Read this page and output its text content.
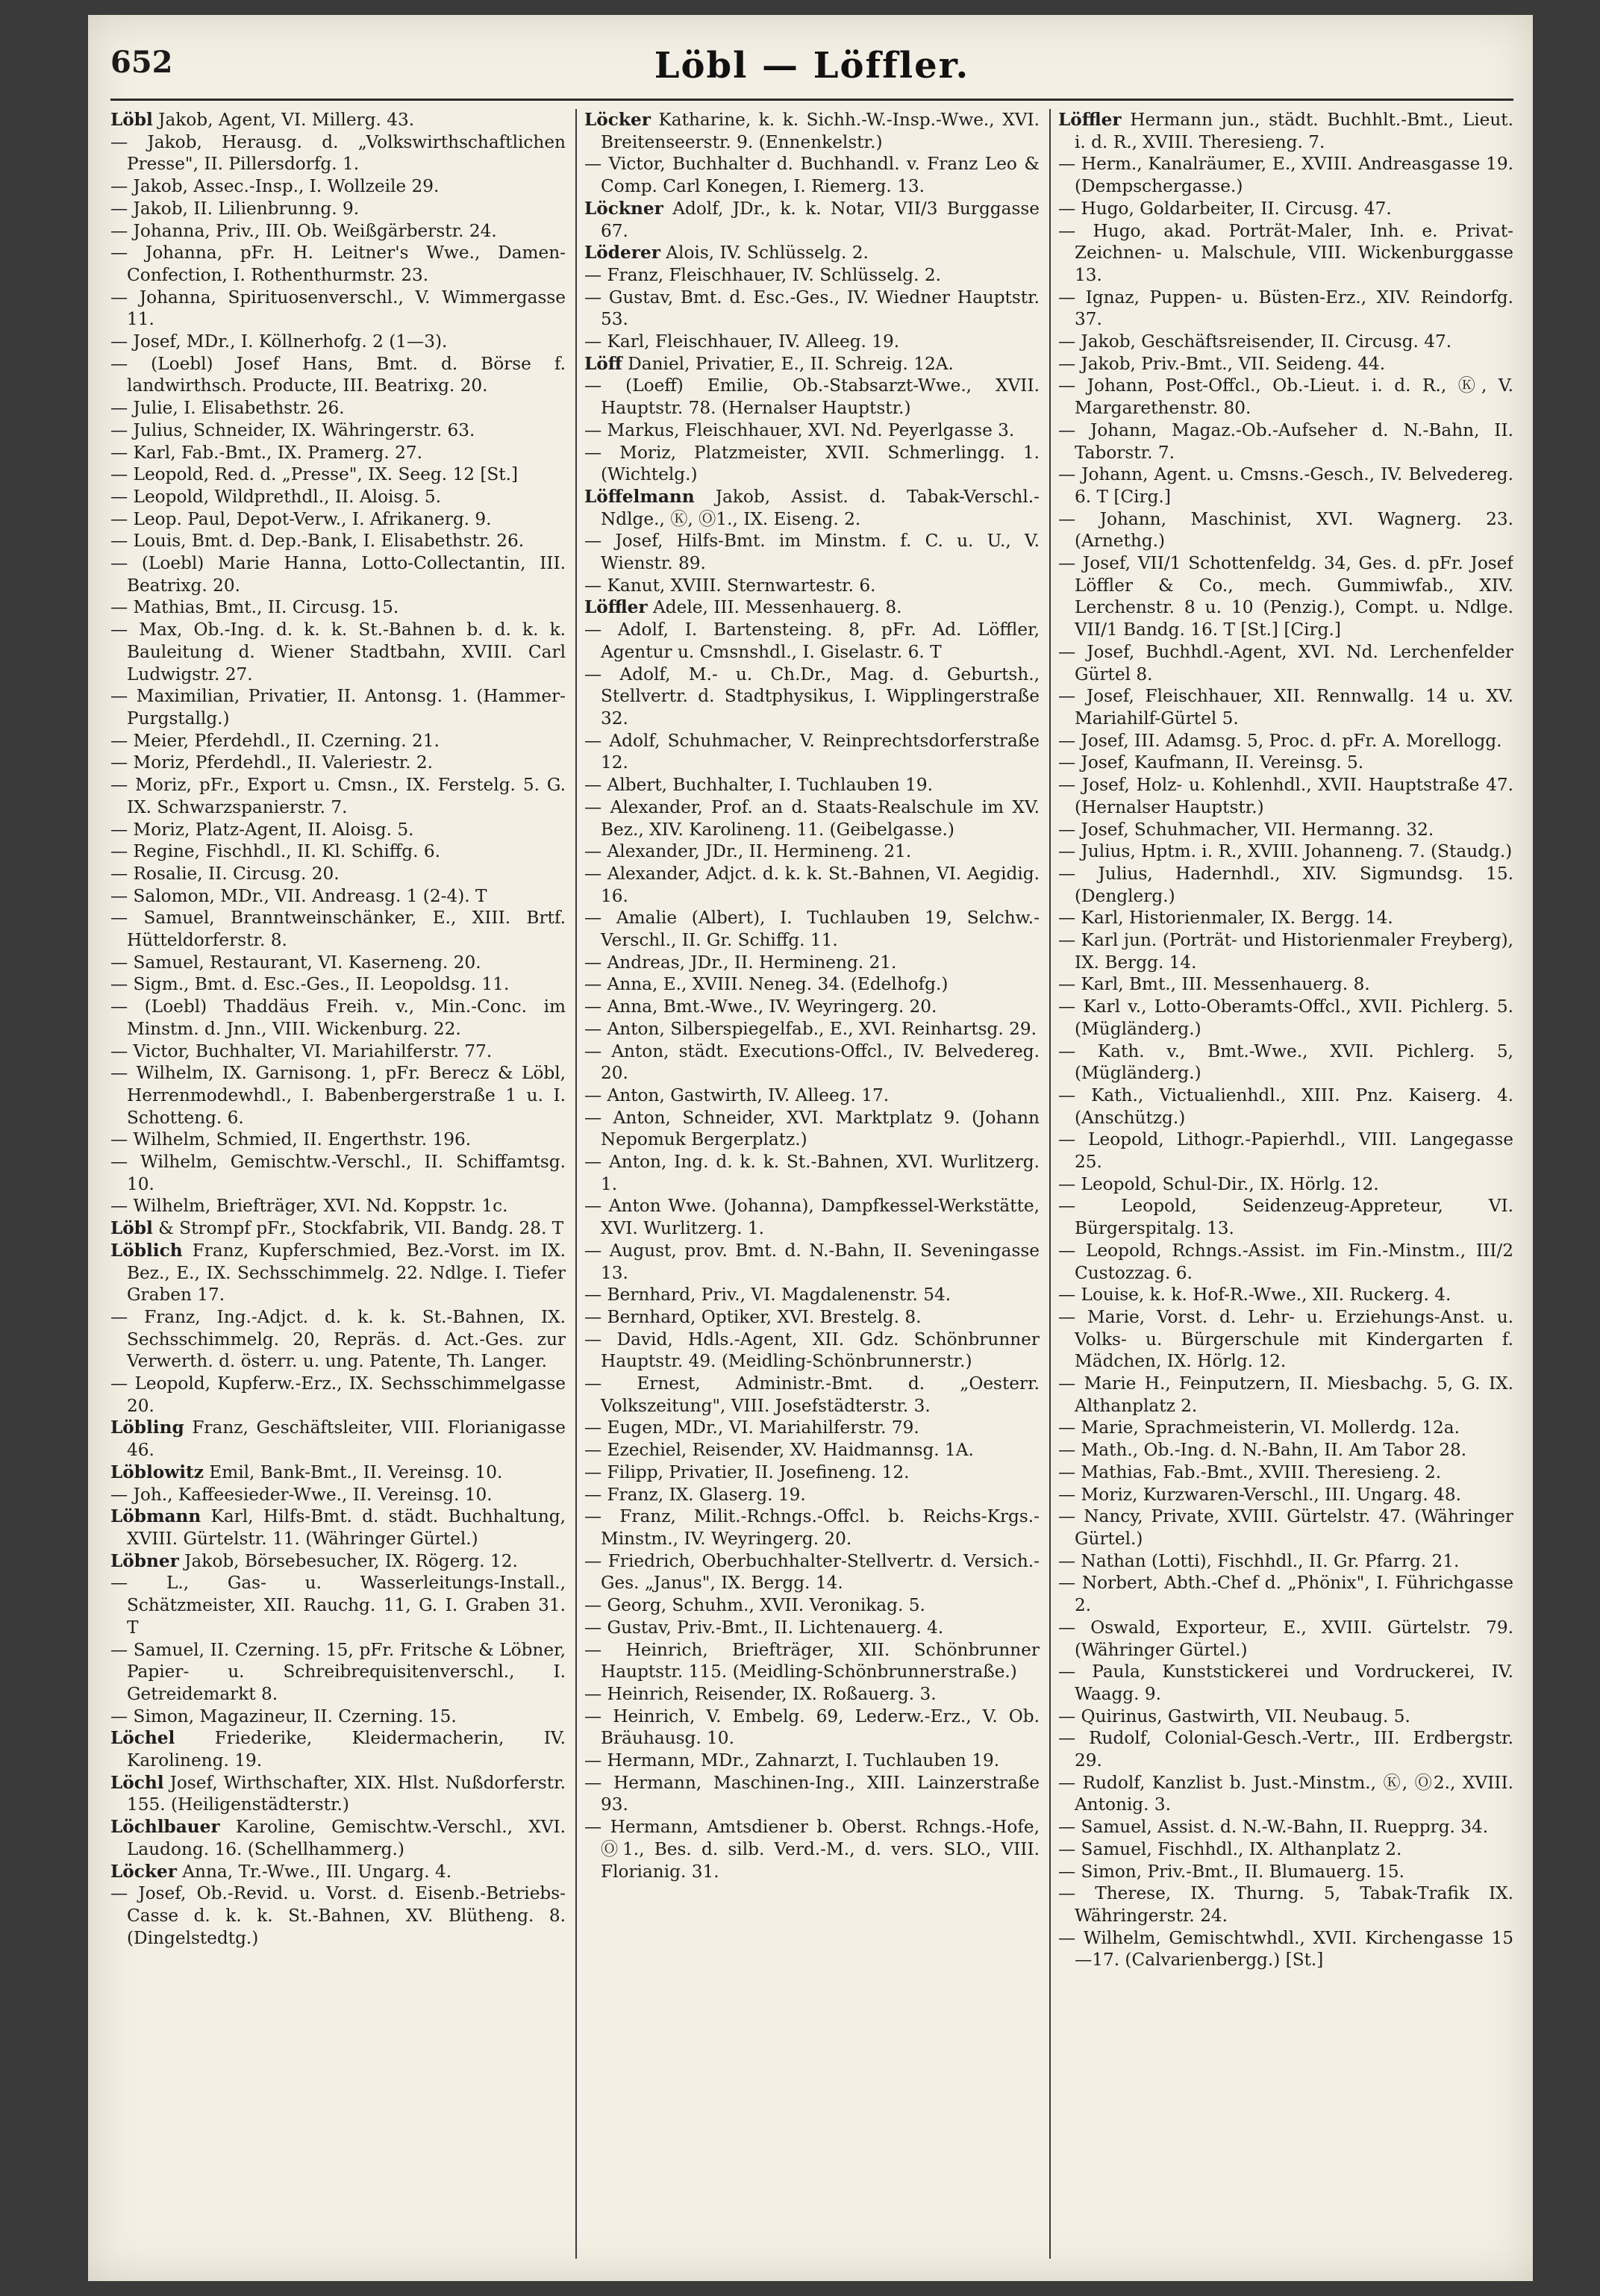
652	Löbl — Löffler.
Löbl Jakob, Agent, VI. Millerg. 43.
— Jakob, Herausg. d. „Volkswirthschaftlichen Presse", II. Pillersdorfg. 1.
— Jakob, Assec.-Insp., I. Wollzeile 29.
— Jakob, II. Lilienbrunng. 9.
— Johanna, Priv., III. Ob. Weißgärberstr. 24.
— Johanna, pFr. H. Leitner's Wwe., Damen-Confection, I. Rothenthurmstr. 23.
— Johanna, Spirituosenverschl., V. Wimmergasse 11.
— Josef, MDr., I. Köllnerhofg. 2 (1—3).
— (Loebl) Josef Hans, Bmt. d. Börse f. landwirthsch. Producte, III. Beatrixg. 20.
— Julie, I. Elisabethstr. 26.
— Julius, Schneider, IX. Währingerstr. 63.
— Karl, Fab.-Bmt., IX. Pramerg. 27.
— Leopold, Red. d. „Presse", IX. Seeg. 12 [St.]
— Leopold, Wildprethdl., II. Aloisg. 5.
— Leop. Paul, Depot-Verw., I. Afrikanerg. 9.
— Louis, Bmt. d. Dep.-Bank, I. Elisabethstr. 26.
— (Loebl) Marie Hanna, Lotto-Collectantin, III. Beatrixg. 20.
— Mathias, Bmt., II. Circusg. 15.
— Max, Ob.-Ing. d. k. k. St.-Bahnen b. d. k. k. Bauleitung d. Wiener Stadtbahn, XVIII. Carl Ludwigstr. 27.
— Maximilian, Privatier, II. Antonsg. 1. (Hammer-Purgstallg.)
— Meier, Pferdehdl., II. Czerning. 21.
— Moriz, Pferdehdl., II. Valeriestr. 2.
— Moriz, pFr., Export u. Cmsn., IX. Ferstelg. 5. G. IX. Schwarzspanierstr. 7.
— Moriz, Platz-Agent, II. Aloisg. 5.
— Regine, Fischhdl., II. Kl. Schiffg. 6.
— Rosalie, II. Circusg. 20.
— Salomon, MDr., VII. Andreasg. 1 (2-4). T
— Samuel, Branntweinschänker, E., XIII. Brtf. Hütteldorferstr. 8.
— Samuel, Restaurant, VI. Kaserneng. 20.
— Sigm., Bmt. d. Esc.-Ges., II. Leopoldsg. 11.
— (Loebl) Thaddäus Freih. v., Min.-Conc. im Minstm. d. Jnn., VIII. Wickenburg. 22.
— Victor, Buchhalter, VI. Mariahilferstr. 77.
— Wilhelm, IX. Garnisong. 1, pFr. Berecz & Löbl, Herrenmodewhdl., I. Babenbergerstraße 1 u. I. Schotteng. 6.
— Wilhelm, Schmied, II. Engerthstr. 196.
— Wilhelm, Gemischtw.-Verschl., II. Schiffamtsg. 10.
— Wilhelm, Briefträger, XVI. Nd. Koppstr. 1c.
Löbl & Strompf pFr., Stockfabrik, VII. Bandg. 28. T
Löblich Franz, Kupferschmied, Bez.-Vorst. im IX. Bez., E., IX. Sechsschimmelg. 22. Ndlge. I. Tiefer Graben 17.
— Franz, Ing.-Adjct. d. k. k. St.-Bahnen, IX. Sechsschimmelg. 20, Repräs. d. Act.-Ges. zur Verwerth. d. österr. u. ung. Patente, Th. Langer.
— Leopold, Kupferw.-Erz., IX. Sechsschimmelgasse 20.
Löbling Franz, Geschäftsleiter, VIII. Florianigasse 46.
Löblowitz Emil, Bank-Bmt., II. Vereinsg. 10.
— Joh., Kaffeesieder-Wwe., II. Vereinsg. 10.
Löbmann Karl, Hilfs-Bmt. d. städt. Buchhaltung, XVIII. Gürtelstr. 11. (Währinger Gürtel.)
Löbner Jakob, Börsebesucher, IX. Rögerg. 12.
— L., Gas- u. Wasserleitungs-Install., Schätzmeister, XII. Rauchg. 11, G. I. Graben 31. T
— Samuel, II. Czerning. 15, pFr. Fritsche & Löbner, Papier- u. Schreibrequisitenverschl., I. Getreidemarkt 8.
— Simon, Magazineur, II. Czerning. 15.
Löchel Friederike, Kleidermacherin, IV. Karolineng. 19.
Löchl Josef, Wirthschafter, XIX. Hlst. Nußdorferstr. 155. (Heiligenstädterstr.)
Löchlbauer Karoline, Gemischtw.-Verschl., XVI. Laudong. 16. (Schellhammerg.)
Löcker Anna, Tr.-Wwe., III. Ungarg. 4.
— Josef, Ob.-Revid. u. Vorst. d. Eisenb.-Betriebs-Casse d. k. k. St.-Bahnen, XV. Blütheng. 8. (Dingelstedtg.)
Löcker Katharine, k. k. Sichh.-W.-Insp.-Wwe., XVI. Breitenseerstr. 9. (Ennenkelstr.)
— Victor, Buchhalter d. Buchhandl. v. Franz Leo & Comp. Carl Konegen, I. Riemerg. 13.
Löckner Adolf, JDr., k. k. Notar, VII/3 Burggasse 67.
Löderer Alois, IV. Schlüsselg. 2.
— Franz, Fleischhauer, IV. Schlüsselg. 2.
— Gustav, Bmt. d. Esc.-Ges., IV. Wiedner Hauptstr. 53.
— Karl, Fleischhauer, IV. Alleeg. 19.
Löff Daniel, Privatier, E., II. Schreig. 12A.
— (Loeff) Emilie, Ob.-Stabsarzt-Wwe., XVII. Hauptstr. 78. (Hernalser Hauptstr.)
— Markus, Fleischhauer, XVI. Nd. Peyerlgasse 3.
— Moriz, Platzmeister, XVII. Schmerlingg. 1. (Wichtelg.)
Löffelmann Jakob, Assist. d. Tabak-Verschl.-Ndlge., Ⓚ, Ⓞ1., IX. Eiseng. 2.
— Josef, Hilfs-Bmt. im Minstm. f. C. u. U., V. Wienstr. 89.
— Kanut, XVIII. Sternwartestr. 6.
Löffler Adele, III. Messenhauerg. 8.
— Adolf, I. Bartensteing. 8, pFr. Ad. Löffler, Agentur u. Cmsnshdl., I. Giselastr. 6. T
— Adolf, M.- u. Ch.Dr., Mag. d. Geburtsh., Stellvertr. d. Stadtphysikus, I. Wipplingerstraße 32.
— Adolf, Schuhmacher, V. Reinprechtsdorferstraße 12.
— Albert, Buchhalter, I. Tuchlauben 19.
— Alexander, Prof. an d. Staats-Realschule im XV. Bez., XIV. Karolineng. 11. (Geibelgasse.)
— Alexander, JDr., II. Hermineng. 21.
— Alexander, Adjct. d. k. k. St.-Bahnen, VI. Aegidig. 16.
— Amalie (Albert), I. Tuchlauben 19, Selchw.-Verschl., II. Gr. Schiffg. 11.
— Andreas, JDr., II. Hermineng. 21.
— Anna, E., XVIII. Neneg. 34. (Edelhofg.)
— Anna, Bmt.-Wwe., IV. Weyringerg. 20.
— Anton, Silberspiegelfab., E., XVI. Reinhartsg. 29.
— Anton, städt. Executions-Offcl., IV. Belvedereg. 20.
— Anton, Gastwirth, IV. Alleeg. 17.
— Anton, Schneider, XVI. Marktplatz 9. (Johann Nepomuk Bergerplatz.)
— Anton, Ing. d. k. k. St.-Bahnen, XVI. Wurlitzerg. 1.
— Anton Wwe. (Johanna), Dampfkessel-Werkstätte, XVI. Wurlitzerg. 1.
— August, prov. Bmt. d. N.-Bahn, II. Seveningasse 13.
— Bernhard, Priv., VI. Magdalenenstr. 54.
— Bernhard, Optiker, XVI. Brestelg. 8.
— David, Hdls.-Agent, XII. Gdz. Schönbrunner Hauptstr. 49. (Meidling-Schönbrunnerstr.)
— Ernest, Administr.-Bmt. d. „Oesterr. Volkszeitung", VIII. Josefstädterstr. 3.
— Eugen, MDr., VI. Mariahilferstr. 79.
— Ezechiel, Reisender, XV. Haidmannsg. 1A.
— Filipp, Privatier, II. Josefineng. 12.
— Franz, IX. Glaserg. 19.
— Franz, Milit.-Rchngs.-Offcl. b. Reichs-Krgs.-Minstm., IV. Weyringerg. 20.
— Friedrich, Oberbuchhalter-Stellvertr. d. Versich.-Ges. „Janus", IX. Bergg. 14.
— Georg, Schuhm., XVII. Veronikag. 5.
— Gustav, Priv.-Bmt., II. Lichtenauerg. 4.
— Heinrich, Briefträger, XII. Schönbrunner Hauptstr. 115. (Meidling-Schönbrunnerstraße.)
— Heinrich, Reisender, IX. Roßauerg. 3.
— Heinrich, V. Embelg. 69, Lederw.-Erz., V. Ob. Bräuhausg. 10.
— Hermann, MDr., Zahnarzt, I. Tuchlauben 19.
— Hermann, Maschinen-Ing., XIII. Lainzerstraße 93.
— Hermann, Amtsdiener b. Oberst. Rchngs.-Hofe, Ⓞ1., Bes. d. silb. Verd.-M., d. vers. SLO., VIII. Florianig. 31.
Löffler Hermann jun., städt. Buchhlt.-Bmt., Lieut. i. d. R., XVIII. Theresieng. 7.
— Herm., Kanalräumer, E., XVIII. Andreasgasse 19. (Dempschergasse.)
— Hugo, Goldarbeiter, II. Circusg. 47.
— Hugo, akad. Porträt-Maler, Inh. e. Privat-Zeichnen- u. Malschule, VIII. Wickenburggasse 13.
— Ignaz, Puppen- u. Büsten-Erz., XIV. Reindorfg. 37.
— Jakob, Geschäftsreisender, II. Circusg. 47.
— Jakob, Priv.-Bmt., VII. Seideng. 44.
— Johann, Post-Offcl., Ob.-Lieut. i. d. R., Ⓚ, V. Margarethenstr. 80.
— Johann, Magaz.-Ob.-Aufseher d. N.-Bahn, II. Taborstr. 7.
— Johann, Agent. u. Cmsns.-Gesch., IV. Belvedereg. 6. T [Cirg.]
— Johann, Maschinist, XVI. Wagnerg. 23. (Arnethg.)
— Josef, VII/1 Schottenfeldg. 34, Ges. d. pFr. Josef Löffler & Co., mech. Gummiwfab., XIV. Lerchenstr. 8 u. 10 (Penzig.), Compt. u. Ndlge. VII/1 Bandg. 16. T [St.] [Cirg.]
— Josef, Buchhdl.-Agent, XVI. Nd. Lerchenfelder Gürtel 8.
— Josef, Fleischhauer, XII. Rennwallg. 14 u. XV. Mariahilf-Gürtel 5.
— Josef, III. Adamsg. 5, Proc. d. pFr. A. Morellogg.
— Josef, Kaufmann, II. Vereinsg. 5.
— Josef, Holz- u. Kohlenhdl., XVII. Hauptstraße 47. (Hernalser Hauptstr.)
— Josef, Schuhmacher, VII. Hermanng. 32.
— Julius, Hptm. i. R., XVIII. Johanneng. 7. (Staudg.)
— Julius, Hadernhdl., XIV. Sigmundsg. 15. (Denglerg.)
— Karl, Historienmaler, IX. Bergg. 14.
— Karl jun. (Porträt- und Historienmaler Freyberg), IX. Bergg. 14.
— Karl, Bmt., III. Messenhauerg. 8.
— Karl v., Lotto-Oberamts-Offcl., XVII. Pichlerg. 5. (Mügländerg.)
— Kath. v., Bmt.-Wwe., XVII. Pichlerg. 5, (Mügländerg.)
— Kath., Victualienhdl., XIII. Pnz. Kaiserg. 4. (Anschützg.)
— Leopold, Lithogr.-Papierhdl., VIII. Langegasse 25.
— Leopold, Schul-Dir., IX. Hörlg. 12.
— Leopold, Seidenzeug-Appreteur, VI. Bürgerspitalg. 13.
— Leopold, Rchngs.-Assist. im Fin.-Minstm., III/2 Custozzag. 6.
— Louise, k. k. Hof-R.-Wwe., XII. Ruckerg. 4.
— Marie, Vorst. d. Lehr- u. Erziehungs-Anst. u. Volks- u. Bürgerschule mit Kindergarten f. Mädchen, IX. Hörlg. 12.
— Marie H., Feinputzern, II. Miesbachg. 5, G. IX. Althanplatz 2.
— Marie, Sprachmeisterin, VI. Mollerdg. 12a.
— Math., Ob.-Ing. d. N.-Bahn, II. Am Tabor 28.
— Mathias, Fab.-Bmt., XVIII. Theresieng. 2.
— Moriz, Kurzwaren-Verschl., III. Ungarg. 48.
— Nancy, Private, XVIII. Gürtelstr. 47. (Währinger Gürtel.)
— Nathan (Lotti), Fischhdl., II. Gr. Pfarrg. 21.
— Norbert, Abth.-Chef d. „Phönix", I. Führichgasse 2.
— Oswald, Exporteur, E., XVIII. Gürtelstr. 79. (Währinger Gürtel.)
— Paula, Kunststickerei und Vordruckerei, IV. Waagg. 9.
— Quirinus, Gastwirth, VII. Neubaug. 5.
— Rudolf, Colonial-Gesch.-Vertr., III. Erdbergstr. 29.
— Rudolf, Kanzlist b. Just.-Minstm., Ⓚ, Ⓞ2., XVIII. Antonig. 3.
— Samuel, Assist. d. N.-W.-Bahn, II. Ruepprg. 34.
— Samuel, Fischhdl., IX. Althanplatz 2.
— Simon, Priv.-Bmt., II. Blumauerg. 15.
— Therese, IX. Thurng. 5, Tabak-Trafik IX. Währingerstr. 24.
— Wilhelm, Gemischtwhdl., XVII. Kirchengasse 15—17. (Calvarienbergg.) [St.]
